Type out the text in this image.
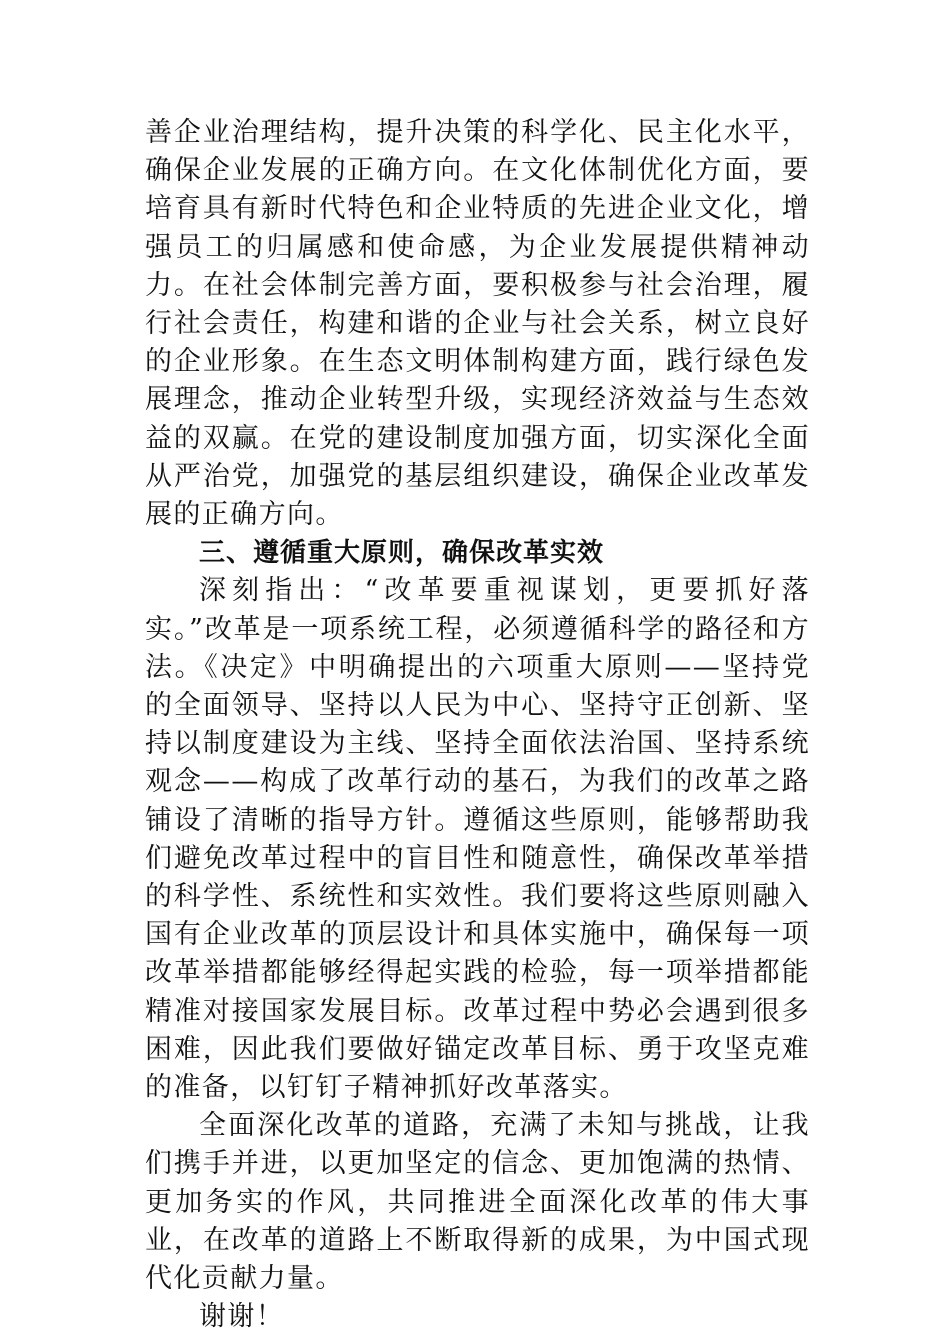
善企业治理结构，提升决策的科学化、民主化水平，确保企业发展的正确方向。在文化体制优化方面，要培育具有新时代特色和企业特质的先进企业文化，增强员工的归属感和使命感，为企业发展提供精神动力。在社会体制完善方面，要积极参与社会治理，履行社会责任，构建和谐的企业与社会关系，树立良好的企业形象。在生态文明体制构建方面，践行绿色发展理念，推动企业转型升级，实现经济效益与生态效益的双赢。在党的建设制度加强方面，切实深化全面从严治党，加强党的基层组织建设，确保企业改革发展的正确方向。

三、遵循重大原则，确保改革实效

深刻指出：“改革要重视谋划，更要抓好落实。”改革是一项系统工程，必须遵循科学的路径和方法。《决定》中明确提出的六项重大原则——坚持党的全面领导、坚持以人民为中心、坚持守正创新、坚持以制度建设为主线、坚持全面依法治国、坚持系统观念——构成了改革行动的基石，为我们的改革之路铺设了清晰的指导方针。遵循这些原则，能够帮助我们避免改革过程中的盲目性和随意性，确保改革举措的科学性、系统性和实效性。我们要将这些原则融入国有企业改革的顶层设计和具体实施中，确保每一项改革举措都能够经得起实践的检验，每一项举措都能精准对接国家发展目标。改革过程中势必会遇到很多困难，因此我们要做好锚定改革目标、勇于攻坚克难的准备，以钉钉子精神抓好改革落实。

全面深化改革的道路，充满了未知与挑战，让我们携手并进，以更加坚定的信念、更加饱满的热情、更加务实的作风，共同推进全面深化改革的伟大事业，在改革的道路上不断取得新的成果，为中国式现代化贡献力量。

谢谢！
